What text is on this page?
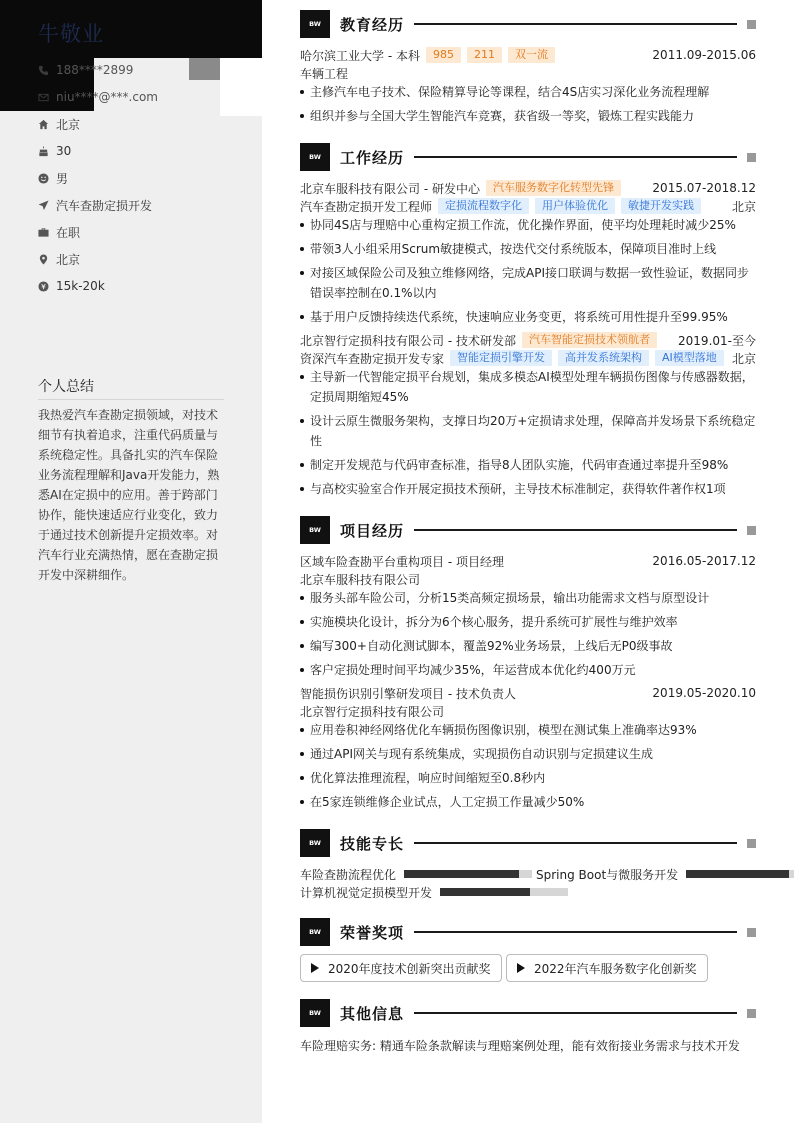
牛敬业
188****2899
niu****@***.com
北京
30
男
汽车查勘定损开发
在职
北京
15k-20k
个人总结
我热爱汽车查勘定损领域，对技术细节有执着追求，注重代码质量与系统稳定性。具备扎实的汽车保险业务流程理解和Java开发能力，熟悉AI在定损中的应用。善于跨部门协作，能快速适应行业变化，致力于通过技术创新提升定损效率。对汽车行业充满热情，愿在查勘定损开发中深耕细作。
BW	教育经历
哈尔滨工业大学 - 本科	985	211	双一流	2011.09-2015.06
车辆工程
主修汽车电子技术、保险精算导论等课程，结合4S店实习深化业务流程理解
组织并参与全国大学生智能汽车竞赛，获省级一等奖，锻炼工程实践能力
BW	工作经历
北京车服科技有限公司 - 研发中心	汽车服务数字化转型先锋	2015.07-2018.12
汽车查勘定损开发工程师	定损流程数字化	用户体验优化	敏捷开发实践	北京
协同4S店与理赔中心重构定损工作流，优化操作界面，使平均处理耗时减少25%
带领3人小组采用Scrum敏捷模式，按迭代交付系统版本，保障项目准时上线
对接区域保险公司及独立维修网络，完成API接口联调与数据一致性验证，数据同步错误率控制在0.1%以内
基于用户反馈持续迭代系统，快速响应业务变更，将系统可用性提升至99.95%
北京智行定损科技有限公司 - 技术研发部	汽车智能定损技术领航者	2019.01-至今
资深汽车查勘定损开发专家	智能定损引擎开发	高并发系统架构	AI模型落地	北京
主导新一代智能定损平台规划，集成多模态AI模型处理车辆损伤图像与传感器数据，定损周期缩短45%
设计云原生微服务架构，支撑日均20万+定损请求处理，保障高并发场景下系统稳定性
制定开发规范与代码审查标准，指导8人团队实施，代码审查通过率提升至98%
与高校实验室合作开展定损技术预研，主导技术标准制定，获得软件著作权1项
BW	项目经历
区域车险查勘平台重构项目 - 项目经理	2016.05-2017.12
北京车服科技有限公司
服务头部车险公司，分析15类高频定损场景，输出功能需求文档与原型设计
实施模块化设计，拆分为6个核心服务，提升系统可扩展性与维护效率
编写300+自动化测试脚本，覆盖92%业务场景，上线后无P0级事故
客户定损处理时间平均减少35%，年运营成本优化约400万元
智能损伤识别引擎研发项目 - 技术负责人	2019.05-2020.10
北京智行定损科技有限公司
应用卷积神经网络优化车辆损伤图像识别，模型在测试集上准确率达93%
通过API网关与现有系统集成，实现损伤自动识别与定损建议生成
优化算法推理流程，响应时间缩短至0.8秒内
在5家连锁维修企业试点，人工定损工作量减少50%
BW	技能专长
车险查勘流程优化	Spring Boot与微服务开发
计算机视觉定损模型开发
BW	荣誉奖项
2020年度技术创新突出贡献奖	2022年汽车服务数字化创新奖
BW	其他信息
车险理赔实务: 精通车险条款解读与理赔案例处理，能有效衔接业务需求与技术开发
